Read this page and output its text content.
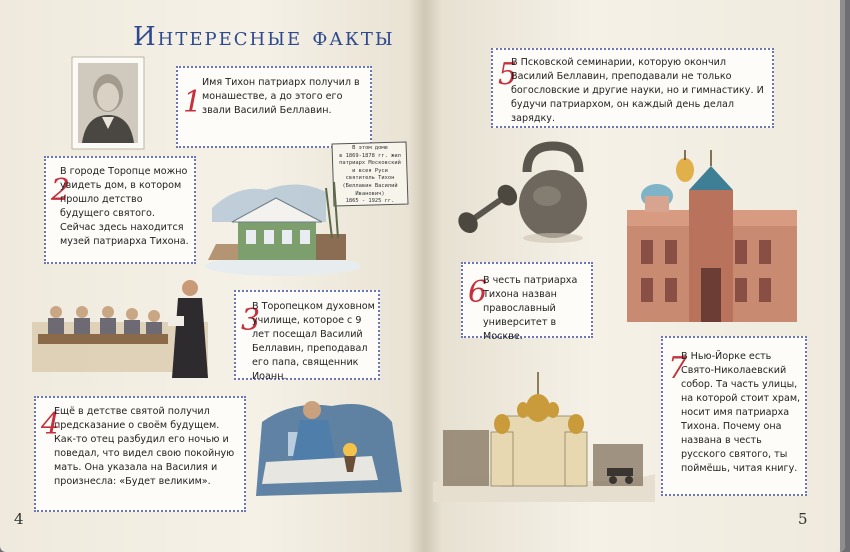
Интересные факты
1
Имя Тихон патриарх получил в монашестве, а до этого его звали Василий Беллавин.
2
В городе Торопце можно увидеть дом, в котором прошло детство будущего святого. Сейчас здесь находится музей патриарха Тихона.
В этом доме
в 1869-1878 гг. жил
патриарх Московский
и всея Руси
святитель Тихон
(Беллавин Василий Иванович)
1865 - 1925 гг.
3
В Торопецком духовном училище, которое с 9 лет посещал Василий Беллавин, преподавал его папа, священник Иоанн.
4
Ещё в детстве святой получил предсказание о своём будущем. Как-то отец разбудил его ночью и поведал, что видел свою покойную мать. Она указала на Василия и произнесла: «Будет великим».
4
5
В Псковской семинарии, которую окончил Василий Беллавин, преподавали не только богословские и другие науки, но и гимнастику. И будучи патриархом, он каждый день делал зарядку.
6
В честь патриарха Тихона назван православный университет в Москве.
7
В Нью-Йорке есть Свято-Николаевский собор. Та часть улицы, на которой стоит храм, носит имя патриарха Тихона. Почему она названа в честь русского святого, ты поймёшь, читая книгу.
5
